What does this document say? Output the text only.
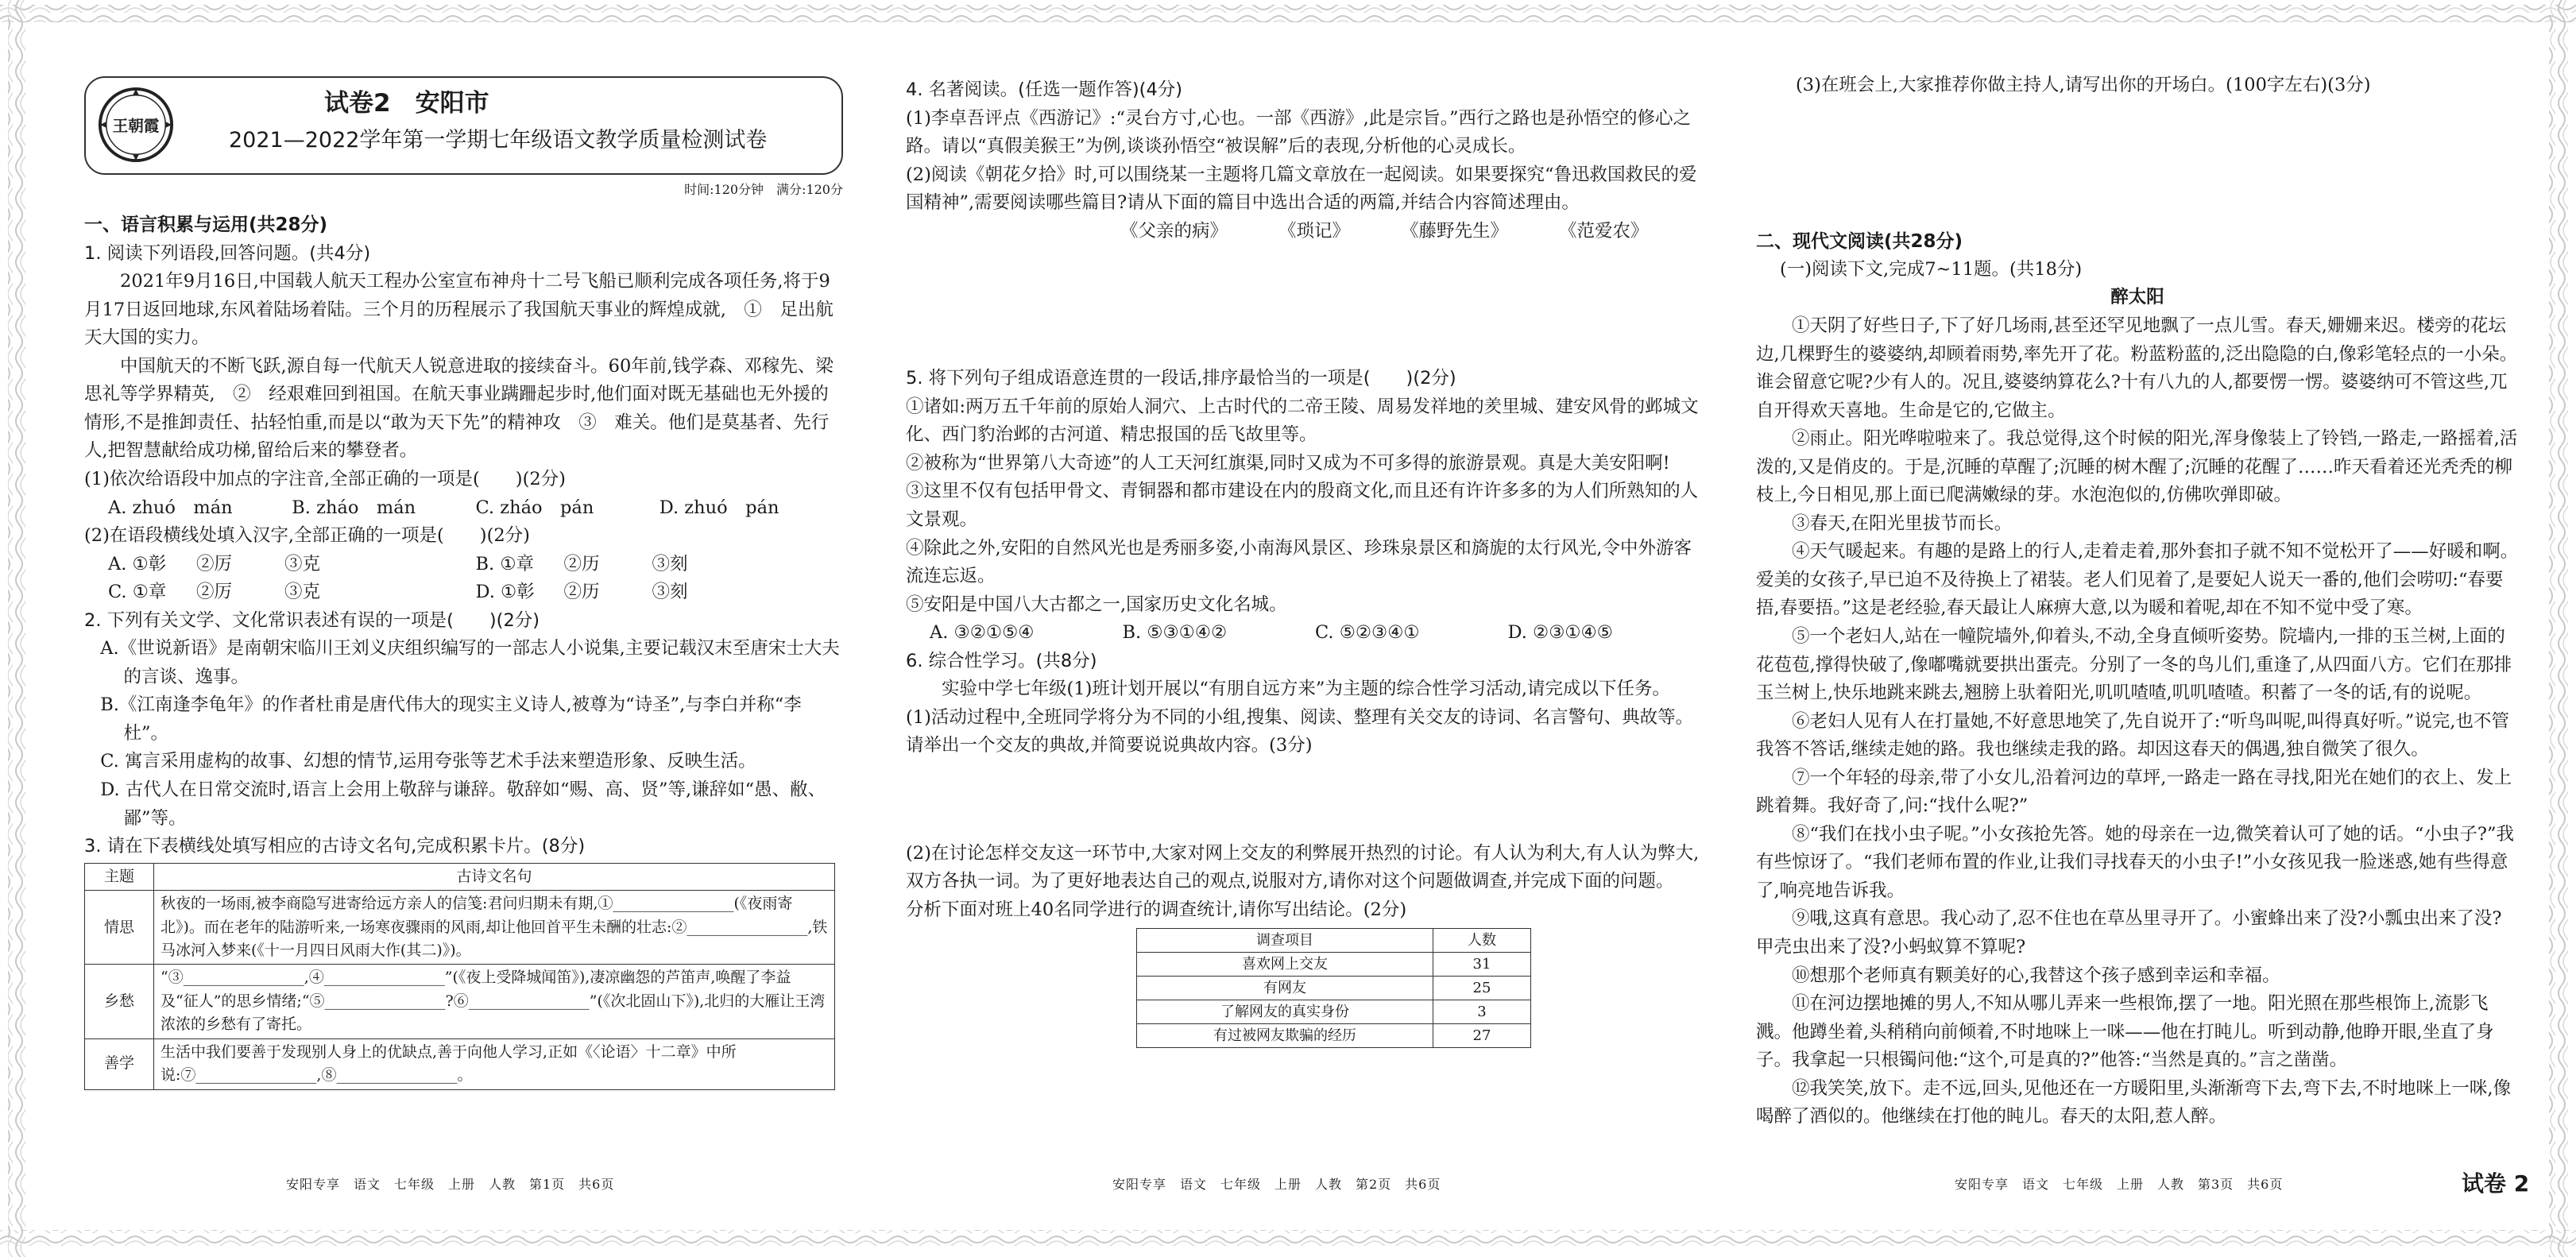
王朝霞
试卷2　安阳市
2021—2022学年第一学期七年级语文教学质量检测试卷
时间:120分钟　满分:120分

一、语言积累与运用(共28分)

1. 阅读下列语段,回答问题。(共4分)

2021年9月16日,中国载人航天工程办公室宣布神舟十二号飞船已顺利完成各项任务,将于9月17日返回地球,东风着陆场着陆。三个月的历程展示了我国航天事业的辉煌成就,　①　足出航天大国的实力。

中国航天的不断飞跃,源自每一代航天人锐意进取的接续奋斗。60年前,钱学森、邓稼先、梁思礼等学界精英,　②　经艰难回到祖国。在航天事业蹒跚起步时,他们面对既无基础也无外援的情形,不是推卸责任、拈轻怕重,而是以“敢为天下先”的精神攻　③　难关。他们是莫基者、先行人,把智慧献给成功梯,留给后来的攀登者。

(1)依次给语段中加点的字注音,全部正确的一项是(　　)(2分)

A. zhuó　mán	B. zháo　mán	C. zháo　pán	D. zhuó　pán

(2)在语段横线处填入汉字,全部正确的一项是(　　)(2分)

A. ①彰	②厉	③克	B. ①章	②历	③刻
C. ①章	②厉	③克	D. ①彰	②历	③刻

2. 下列有关文学、文化常识表述有误的一项是(　　)(2分)

A.《世说新语》是南朝宋临川王刘义庆组织编写的一部志人小说集,主要记载汉末至唐宋士大夫的言谈、逸事。

B.《江南逢李龟年》的作者杜甫是唐代伟大的现实主义诗人,被尊为“诗圣”,与李白并称“李杜”。

C. 寓言采用虚构的故事、幻想的情节,运用夸张等艺术手法来塑造形象、反映生活。

D. 古代人在日常交流时,语言上会用上敬辞与谦辞。敬辞如“赐、高、贤”等,谦辞如“愚、敝、鄙”等。

3. 请在下表横线处填写相应的古诗文名句,完成积累卡片。(8分)

主题	古诗文名句
情思	秋夜的一场雨,被李商隐写进寄给远方亲人的信笺:君问归期未有期,①________________(《夜雨寄北》)。而在老年的陆游听来,一场寒夜骤雨的风雨,却让他回首平生未酬的壮志:②________________,铁马冰河入梦来(《十一月四日风雨大作(其二)》)。
乡愁	“③________________,④________________”(《夜上受降城闻笛》),凄凉幽怨的芦笛声,唤醒了李益及“征人”的思乡情绪;“⑤________________?⑥________________”(《次北固山下》),北归的大雁让王湾浓浓的乡愁有了寄托。
善学	生活中我们要善于发现别人身上的优缺点,善于向他人学习,正如《〈论语〉十二章》中所说:⑦________________,⑧________________。
安阳专享　语文　七年级　上册　人教　第1页　共6页

4. 名著阅读。(任选一题作答)(4分)

(1)李卓吾评点《西游记》:“灵台方寸,心也。一部《西游》,此是宗旨。”西行之路也是孙悟空的修心之路。请以“真假美猴王”为例,谈谈孙悟空“被误解”后的表现,分析他的心灵成长。

(2)阅读《朝花夕拾》时,可以围绕某一主题将几篇文章放在一起阅读。如果要探究“鲁迅救国救民的爱国精神”,需要阅读哪些篇目?请从下面的篇目中选出合适的两篇,并结合内容简述理由。

《父亲的病》	《琐记》	《藤野先生》	《范爱农》

5. 将下列句子组成语意连贯的一段话,排序最恰当的一项是(　　)(2分)

①诸如:两万五千年前的原始人洞穴、上古时代的二帝王陵、周易发祥地的羑里城、建安风骨的邺城文化、西门豹治邺的古河道、精忠报国的岳飞故里等。

②被称为“世界第八大奇迹”的人工天河红旗渠,同时又成为不可多得的旅游景观。真是大美安阳啊!

③这里不仅有包括甲骨文、青铜器和都市建设在内的殷商文化,而且还有许许多多的为人们所熟知的人文景观。

④除此之外,安阳的自然风光也是秀丽多姿,小南海风景区、珍珠泉景区和旖旎的太行风光,令中外游客流连忘返。

⑤安阳是中国八大古都之一,国家历史文化名城。

A. ③②①⑤④	B. ⑤③①④②	C. ⑤②③④①	D. ②③①④⑤

6. 综合性学习。(共8分)

实验中学七年级(1)班计划开展以“有朋自远方来”为主题的综合性学习活动,请完成以下任务。

(1)活动过程中,全班同学将分为不同的小组,搜集、阅读、整理有关交友的诗词、名言警句、典故等。请举出一个交友的典故,并简要说说典故内容。(3分)

(2)在讨论怎样交友这一环节中,大家对网上交友的利弊展开热烈的讨论。有人认为利大,有人认为弊大,双方各执一词。为了更好地表达自己的观点,说服对方,请你对这个问题做调查,并完成下面的问题。

分析下面对班上40名同学进行的调查统计,请你写出结论。(2分)

调查项目	人数
喜欢网上交友	31
有网友	25
了解网友的真实身份	3
有过被网友欺骗的经历	27
安阳专享　语文　七年级　上册　人教　第2页　共6页

(3)在班会上,大家推荐你做主持人,请写出你的开场白。(100字左右)(3分)

二、现代文阅读(共28分)

(一)阅读下文,完成7~11题。(共18分)

醉太阳

①天阴了好些日子,下了好几场雨,甚至还罕见地飘了一点儿雪。春天,姗姗来迟。楼旁的花坛边,几棵野生的婆婆纳,却顾着雨势,率先开了花。粉蓝粉蓝的,泛出隐隐的白,像彩笔轻点的一小朵。谁会留意它呢?少有人的。况且,婆婆纳算花么?十有八九的人,都要愣一愣。婆婆纳可不管这些,兀自开得欢天喜地。生命是它的,它做主。

②雨止。阳光哗啦啦来了。我总觉得,这个时候的阳光,浑身像装上了铃铛,一路走,一路摇着,活泼的,又是俏皮的。于是,沉睡的草醒了;沉睡的树木醒了;沉睡的花醒了……昨天看着还光秃秃的柳枝上,今日相见,那上面已爬满嫩绿的芽。水泡泡似的,仿佛吹弹即破。

③春天,在阳光里拔节而长。

④天气暖起来。有趣的是路上的行人,走着走着,那外套扣子就不知不觉松开了——好暖和啊。爱美的女孩子,早已迫不及待换上了裙装。老人们见着了,是要妃人说天一番的,他们会唠叨:“春要捂,春要捂。”这是老经验,春天最让人麻痹大意,以为暖和着呢,却在不知不觉中受了寒。

⑤一个老妇人,站在一幢院墙外,仰着头,不动,全身直倾听姿势。院墙内,一排的玉兰树,上面的花苞苞,撑得快破了,像嘟嘴就要拱出蛋壳。分别了一冬的鸟儿们,重逢了,从四面八方。它们在那排玉兰树上,快乐地跳来跳去,翘膀上驮着阳光,叽叽喳喳,叽叽喳喳。积蓄了一冬的话,有的说呢。

⑥老妇人见有人在打量她,不好意思地笑了,先自说开了:“听鸟叫呢,叫得真好听。”说完,也不管我答不答话,继续走她的路。我也继续走我的路。却因这春天的偶遇,独自微笑了很久。

⑦一个年轻的母亲,带了小女儿,沿着河边的草坪,一路走一路在寻找,阳光在她们的衣上、发上跳着舞。我好奇了,问:“找什么呢?”

⑧“我们在找小虫子呢。”小女孩抢先答。她的母亲在一边,微笑着认可了她的话。“小虫子?”我有些惊讶了。“我们老师布置的作业,让我们寻找春天的小虫子!”小女孩见我一脸迷惑,她有些得意了,响亮地告诉我。

⑨哦,这真有意思。我心动了,忍不住也在草丛里寻开了。小蜜蜂出来了没?小瓢虫出来了没?甲壳虫出来了没?小蚂蚁算不算呢?

⑩想那个老师真有颗美好的心,我替这个孩子感到幸运和幸福。

⑪在河边摆地摊的男人,不知从哪儿弄来一些根饰,摆了一地。阳光照在那些根饰上,流影飞溅。他蹲坐着,头稍稍向前倾着,不时地咪上一咪——他在打盹儿。听到动静,他睁开眼,坐直了身子。我拿起一只根镯问他:“这个,可是真的?”他答:“当然是真的。”言之凿凿。

⑫我笑笑,放下。走不远,回头,见他还在一方暖阳里,头渐渐弯下去,弯下去,不时地咪上一咪,像喝醉了酒似的。他继续在打他的盹儿。春天的太阳,惹人醉。

安阳专享　语文　七年级　上册　人教　第3页　共6页	试卷 2
